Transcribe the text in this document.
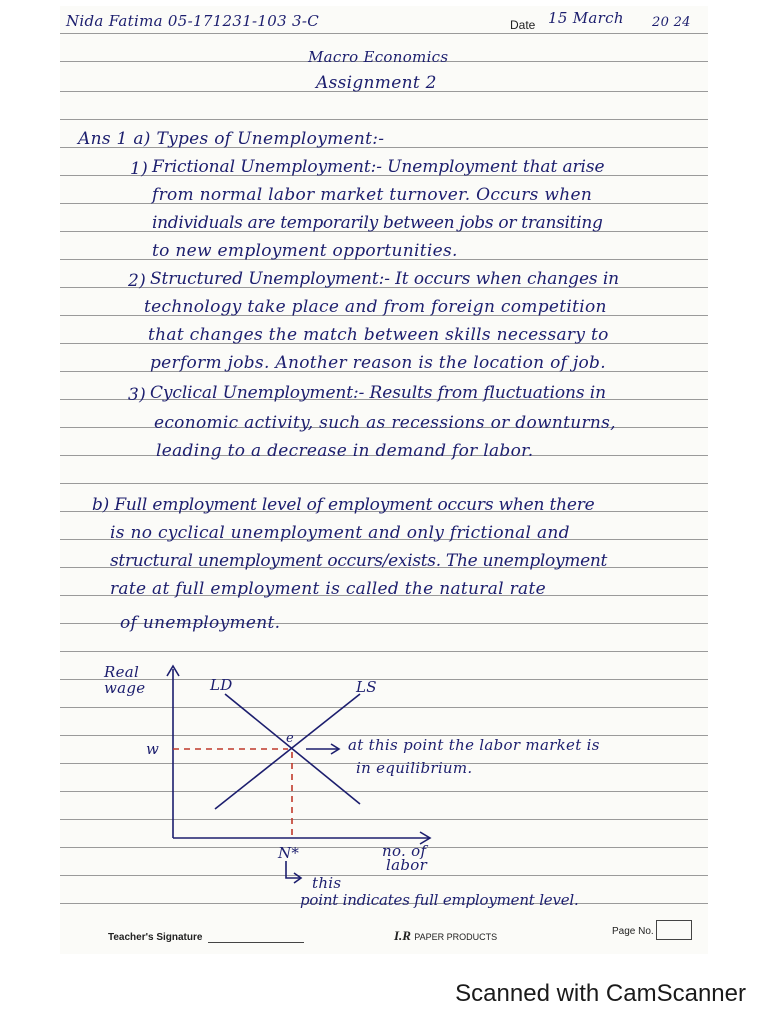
Nida Fatima 05-171231-103 3-C	Date 15 March 20 24
Macro Economics
Assignment 2
Ans 1 a) Types of Unemployment:-
1) Frictional Unemployment:- Unemployment that arise
from normal labor market turnover. Occurs when
individuals are temporarily between jobs or transiting
to new employment opportunities.
2) Structured Unemployment:- It occurs when changes in
technology take place and from foreign competition
that changes the match between skills necessary to
perform jobs. Another reason is the location of job.
3) Cyclical Unemployment:- Results from fluctuations in
economic activity, such as recessions or downturns,
leading to a decrease in demand for labor.
b) Full employment level of employment occurs when there
is no cyclical unemployment and only frictional and
structural unemployment occurs/exists. The unemployment
rate at full employment is called the natural rate
of unemployment.
Real
wage	LD	LS
w
e	at this point the labor market is
in equilibrium.
N*	no. of
labor
this
point indicates full employment level.
Teacher's Signature	I.R PAPER PRODUCTS	Page No.
Scanned with CamScanner
